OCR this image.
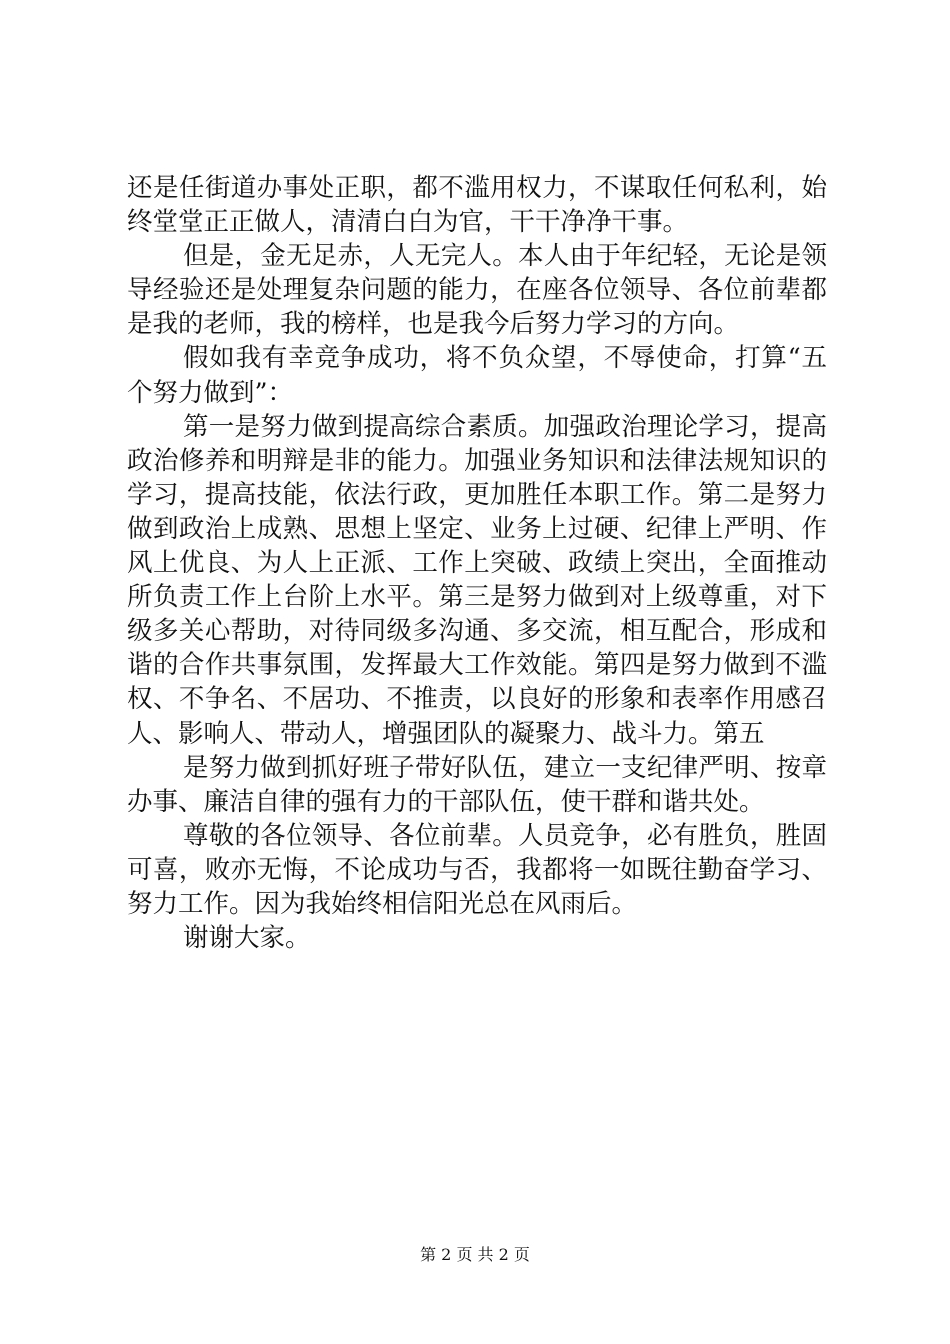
还是任街道办事处正职，都不滥用权力，不谋取任何私利，始
终堂堂正正做人，清清白白为官，干干净净干事。
但是，金无足赤，人无完人。本人由于年纪轻，无论是领
导经验还是处理复杂问题的能力，在座各位领导、各位前辈都
是我的老师，我的榜样，也是我今后努力学习的方向。
假如我有幸竞争成功，将不负众望，不辱使命，打算“五
个努力做到”：
第一是努力做到提高综合素质。加强政治理论学习，提高
政治修养和明辩是非的能力。加强业务知识和法律法规知识的
学习，提高技能，依法行政，更加胜任本职工作。第二是努力
做到政治上成熟、思想上坚定、业务上过硬、纪律上严明、作
风上优良、为人上正派、工作上突破、政绩上突出，全面推动
所负责工作上台阶上水平。第三是努力做到对上级尊重，对下
级多关心帮助，对待同级多沟通、多交流，相互配合，形成和
谐的合作共事氛围，发挥最大工作效能。第四是努力做到不滥
权、不争名、不居功、不推责，以良好的形象和表率作用感召
人、影响人、带动人，增强团队的凝聚力、战斗力。第五
是努力做到抓好班子带好队伍，建立一支纪律严明、按章
办事、廉洁自律的强有力的干部队伍，使干群和谐共处。
尊敬的各位领导、各位前辈。人员竞争，必有胜负，胜固
可喜，败亦无悔，不论成功与否，我都将一如既往勤奋学习、
努力工作。因为我始终相信阳光总在风雨后。
谢谢大家。
第 2 页 共 2 页
